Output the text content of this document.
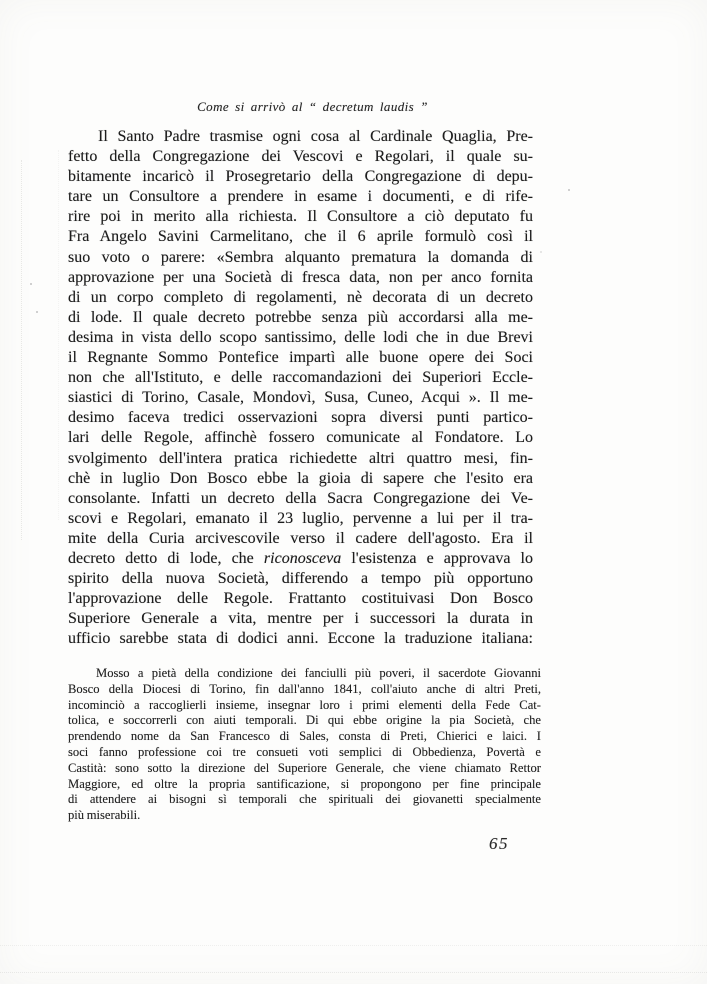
Come si arrivò al “ decretum laudis ”
Il Santo Padre trasmise ogni cosa al Cardinale Quaglia, Pre-
fetto della Congregazione dei Vescovi e Regolari, il quale su-
bitamente incaricò il Prosegretario della Congregazione di depu-
tare un Consultore a prendere in esame i documenti, e di rife-
rire poi in merito alla richiesta. Il Consultore a ciò deputato fu
Fra Angelo Savini Carmelitano, che il 6 aprile formulò così il
suo voto o parere: «Sembra alquanto prematura la domanda di
approvazione per una Società di fresca data, non per anco fornita
di un corpo completo di regolamenti, nè decorata di un decreto
di lode. Il quale decreto potrebbe senza più accordarsi alla me-
desima in vista dello scopo santissimo, delle lodi che in due Brevi
il Regnante Sommo Pontefice impartì alle buone opere dei Soci
non che all'Istituto, e delle raccomandazioni dei Superiori Eccle-
siastici di Torino, Casale, Mondovì, Susa, Cuneo, Acqui ». Il me-
desimo faceva tredici osservazioni sopra diversi punti partico-
lari delle Regole, affinchè fossero comunicate al Fondatore. Lo
svolgimento dell'intera pratica richiedette altri quattro mesi, fin-
chè in luglio Don Bosco ebbe la gioia di sapere che l'esito era
consolante. Infatti un decreto della Sacra Congregazione dei Ve-
scovi e Regolari, emanato il 23 luglio, pervenne a lui per il tra-
mite della Curia arcivescovile verso il cadere dell'agosto. Era il
decreto detto di lode, che riconosceva l'esistenza e approvava lo
spirito della nuova Società, differendo a tempo più opportuno
l'approvazione delle Regole. Frattanto costituivasi Don Bosco
Superiore Generale a vita, mentre per i successori la durata in
ufficio sarebbe stata di dodici anni. Eccone la traduzione italiana:
Mosso a pietà della condizione dei fanciulli più poveri, il sacerdote Giovanni
Bosco della Diocesi di Torino, fin dall'anno 1841, coll'aiuto anche di altri Preti,
incominciò a raccoglierli insieme, insegnar loro i primi elementi della Fede Cat-
tolica, e soccorrerli con aiuti temporali. Di qui ebbe origine la pia Società, che
prendendo nome da San Francesco di Sales, consta di Preti, Chierici e laici. I
soci fanno professione coi tre consueti voti semplici di Obbedienza, Povertà e
Castità: sono sotto la direzione del Superiore Generale, che viene chiamato Rettor
Maggiore, ed oltre la propria santificazione, si propongono per fine principale
di attendere ai bisogni sì temporali che spirituali dei giovanetti specialmente
più miserabili.
65
